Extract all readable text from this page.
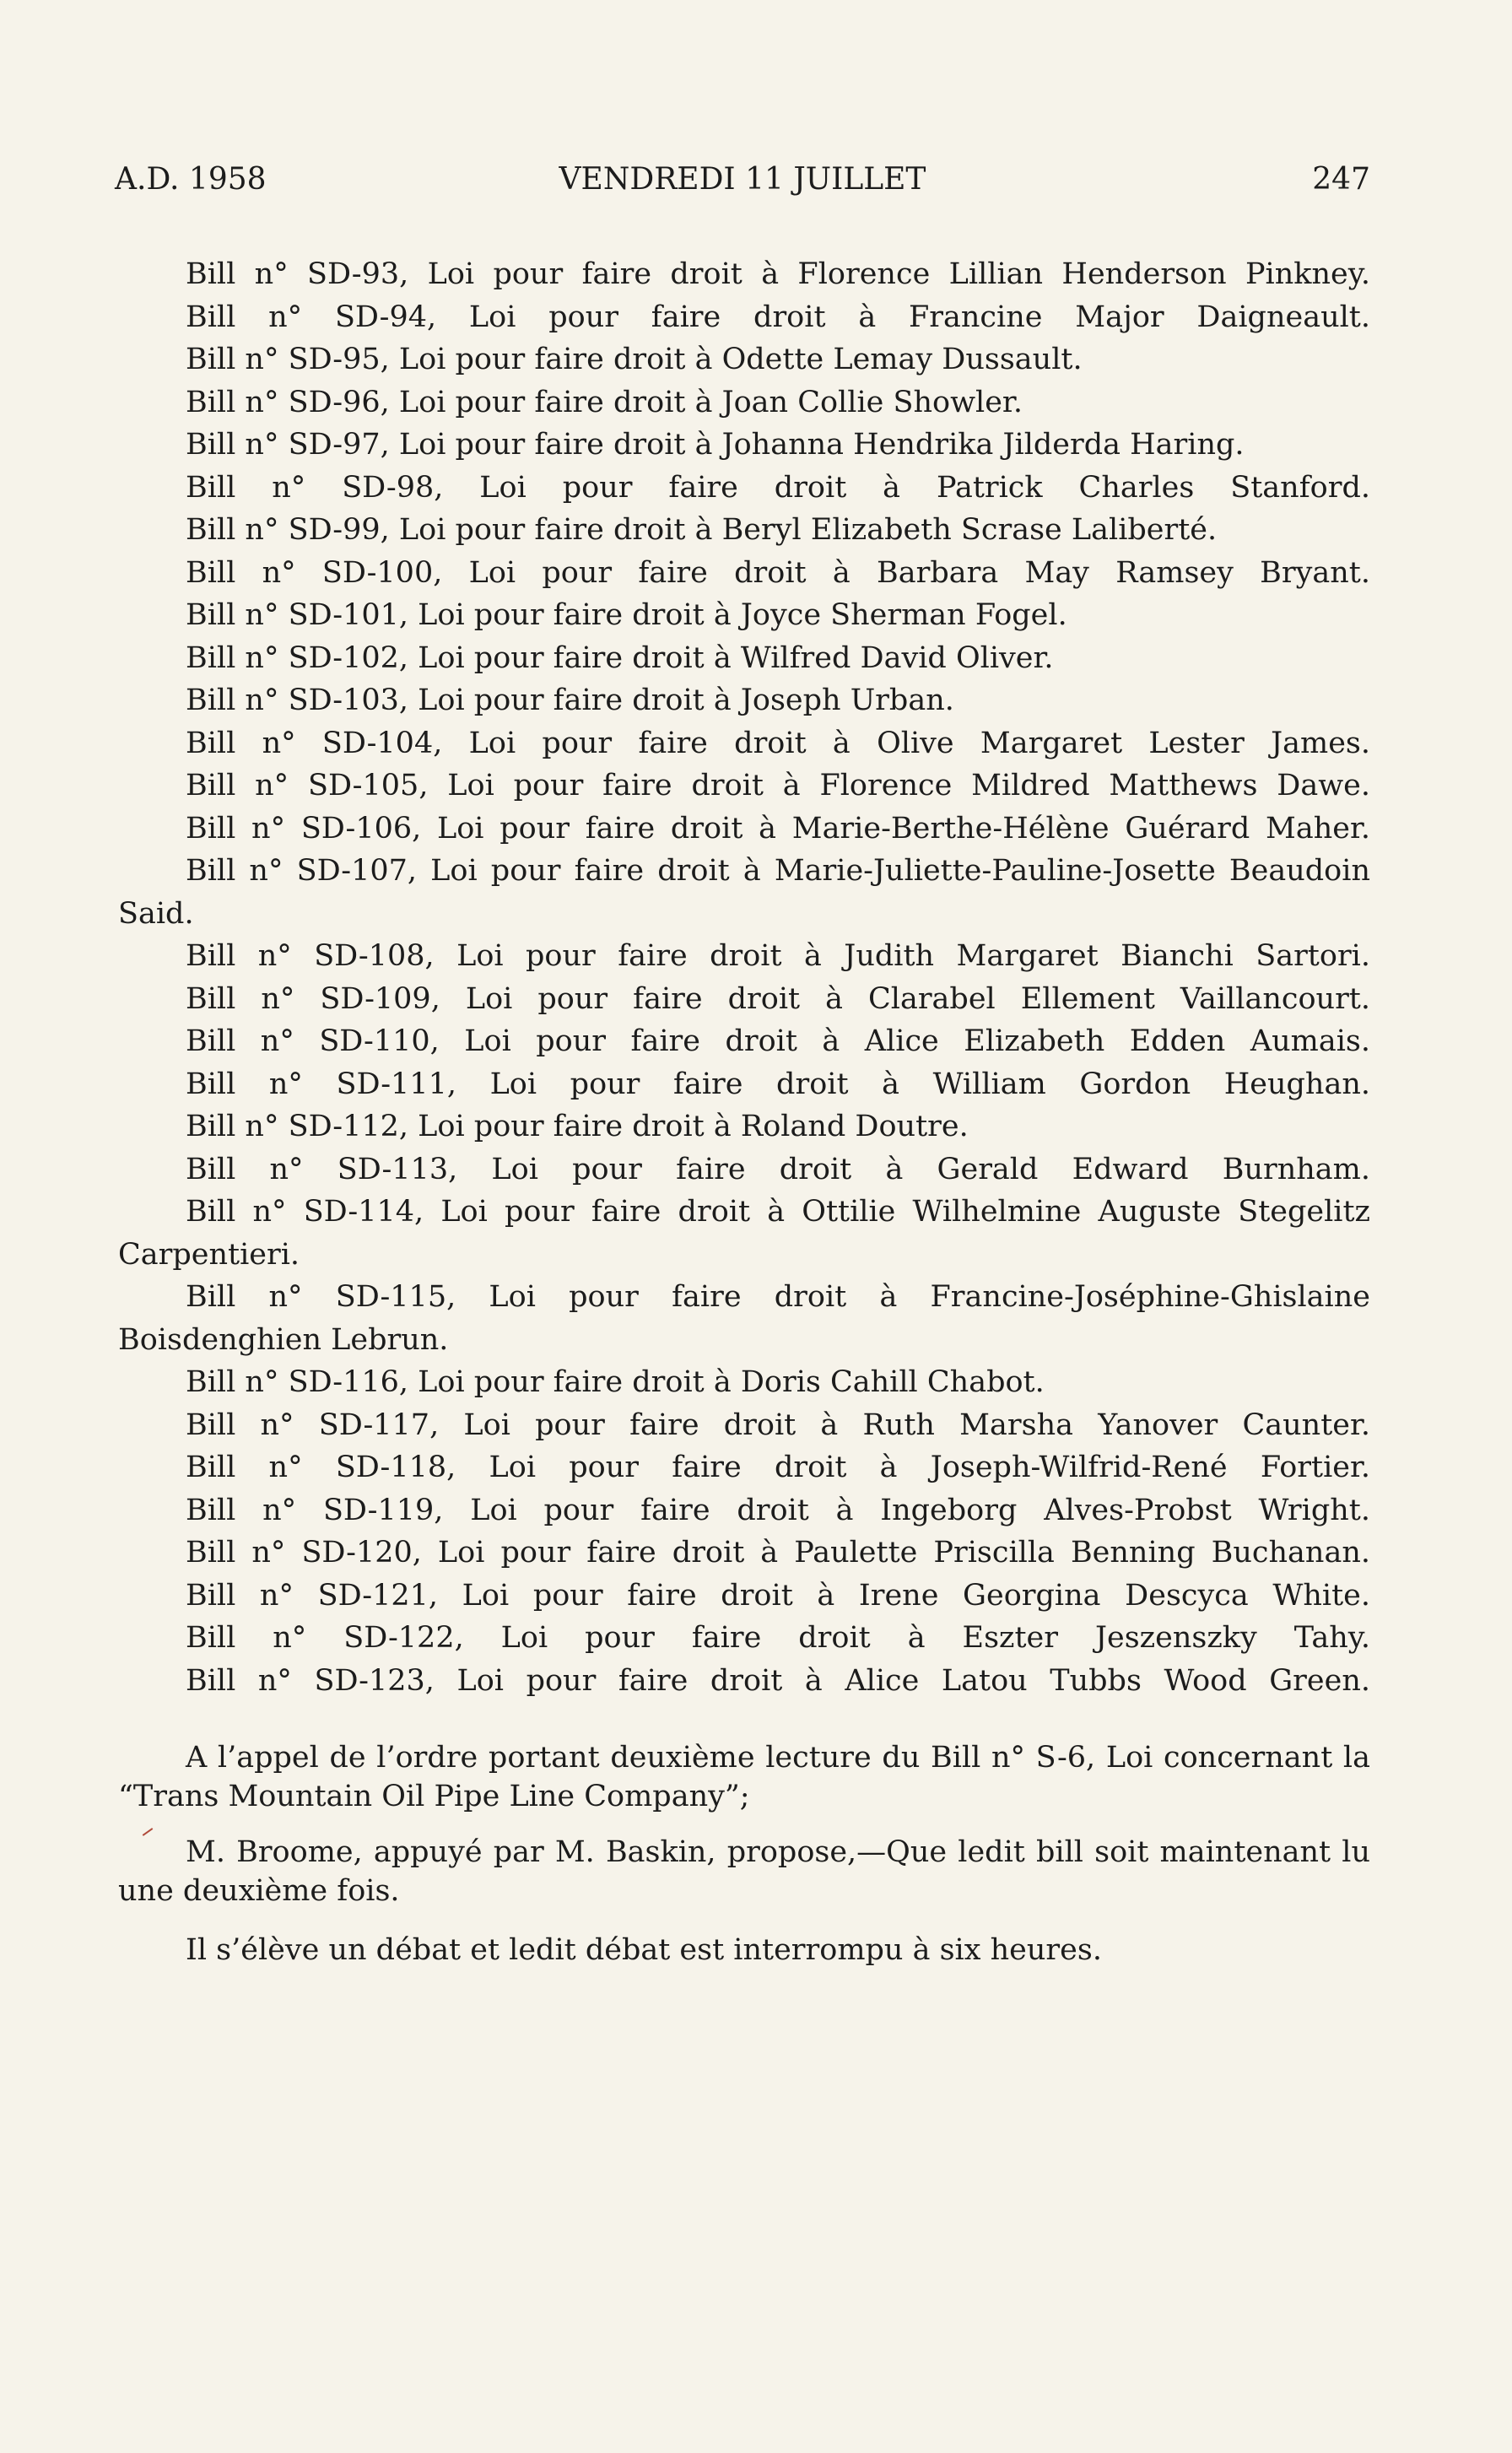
A.D. 1958	VENDREDI 11 JUILLET	247

Bill n° SD-93, Loi pour faire droit à Florence Lillian Henderson Pinkney.

Bill n° SD-94, Loi pour faire droit à Francine Major Daigneault.

Bill n° SD-95, Loi pour faire droit à Odette Lemay Dussault.

Bill n° SD-96, Loi pour faire droit à Joan Collie Showler.

Bill n° SD-97, Loi pour faire droit à Johanna Hendrika Jilderda Haring.

Bill n° SD-98, Loi pour faire droit à Patrick Charles Stanford.

Bill n° SD-99, Loi pour faire droit à Beryl Elizabeth Scrase Laliberté.

Bill n° SD-100, Loi pour faire droit à Barbara May Ramsey Bryant.

Bill n° SD-101, Loi pour faire droit à Joyce Sherman Fogel.

Bill n° SD-102, Loi pour faire droit à Wilfred David Oliver.

Bill n° SD-103, Loi pour faire droit à Joseph Urban.

Bill n° SD-104, Loi pour faire droit à Olive Margaret Lester James.

Bill n° SD-105, Loi pour faire droit à Florence Mildred Matthews Dawe.

Bill n° SD-106, Loi pour faire droit à Marie-Berthe-Hélène Guérard Maher.

Bill n° SD-107, Loi pour faire droit à Marie-Juliette-Pauline-Josette Beaudoin Said.

Bill n° SD-108, Loi pour faire droit à Judith Margaret Bianchi Sartori.

Bill n° SD-109, Loi pour faire droit à Clarabel Ellement Vaillancourt.

Bill n° SD-110, Loi pour faire droit à Alice Elizabeth Edden Aumais.

Bill n° SD-111, Loi pour faire droit à William Gordon Heughan.

Bill n° SD-112, Loi pour faire droit à Roland Doutre.

Bill n° SD-113, Loi pour faire droit à Gerald Edward Burnham.

Bill n° SD-114, Loi pour faire droit à Ottilie Wilhelmine Auguste Stegelitz Carpentieri.

Bill n° SD-115, Loi pour faire droit à Francine-Joséphine-Ghislaine Boisdenghien Lebrun.

Bill n° SD-116, Loi pour faire droit à Doris Cahill Chabot.

Bill n° SD-117, Loi pour faire droit à Ruth Marsha Yanover Caunter.

Bill n° SD-118, Loi pour faire droit à Joseph-Wilfrid-René Fortier.

Bill n° SD-119, Loi pour faire droit à Ingeborg Alves-Probst Wright.

Bill n° SD-120, Loi pour faire droit à Paulette Priscilla Benning Buchanan.

Bill n° SD-121, Loi pour faire droit à Irene Georgina Descyca White.

Bill n° SD-122, Loi pour faire droit à Eszter Jeszenszky Tahy.

Bill n° SD-123, Loi pour faire droit à Alice Latou Tubbs Wood Green.

A l’appel de l’ordre portant deuxième lecture du Bill n° S-6, Loi concernant la “Trans Mountain Oil Pipe Line Company”;

M. Broome, appuyé par M. Baskin, propose,—Que ledit bill soit maintenant lu une deuxième fois.

Il s’élève un débat et ledit débat est interrompu à six heures.
